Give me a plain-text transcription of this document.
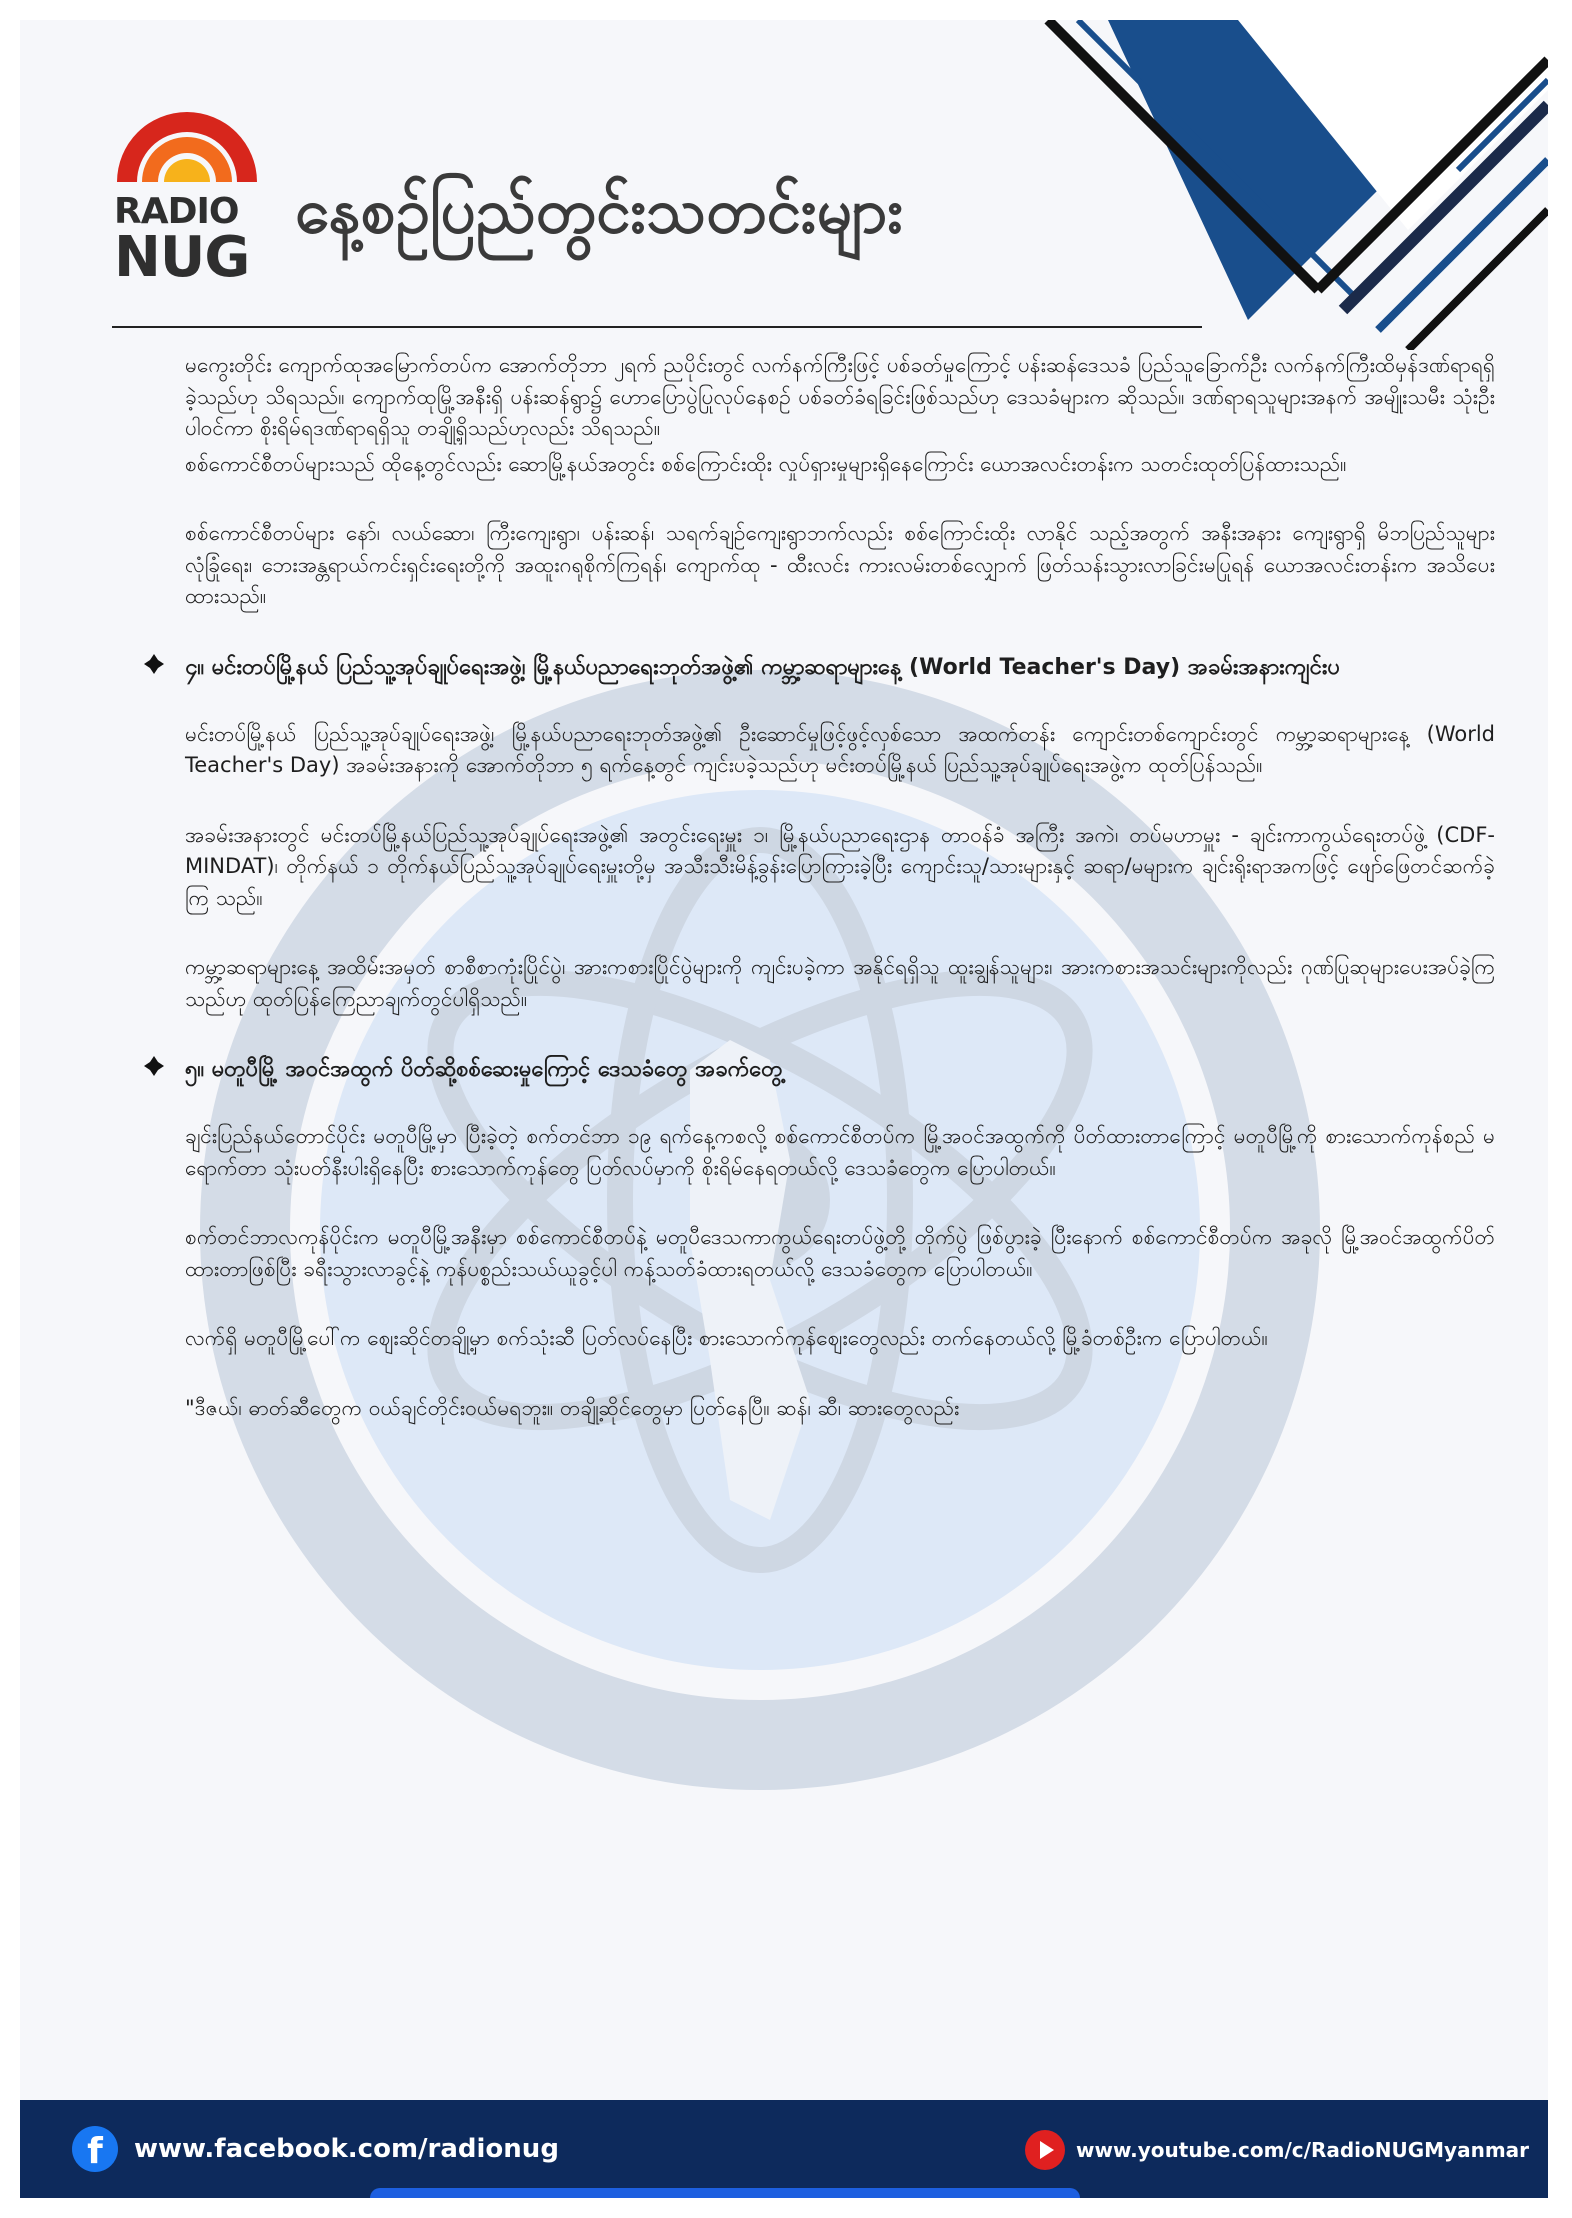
RADIO
NUG
နေ့စဉ်ပြည်တွင်းသတင်းများ

မကွေးတိုင်း ကျောက်ထုအမြောက်တပ်က အောက်တိုဘာ ၂ရက် ညပိုင်းတွင် လက်နက်ကြီးဖြင့် ပစ်ခတ်မှုကြောင့် ပန်းဆန်ဒေသခံ ပြည်သူခြောက်ဦး လက်နက်ကြီးထိမှန်ဒဏ်ရာရရှိခဲ့သည်ဟု သိရသည်။ ကျောက်ထုမြို့အနီးရှိ ပန်းဆန်ရွာ၌ ဟောပြောပွဲပြုလုပ်နေစဉ် ပစ်ခတ်ခံရခြင်းဖြစ်သည်ဟု ဒေသခံများက ဆိုသည်။ ဒဏ်ရာရသူများအနက် အမျိုးသမီး သုံးဦးပါဝင်ကာ စိုးရိမ်ရဒဏ်ရာရရှိသူ တချို့ရှိသည်ဟုလည်း သိရသည်။

စစ်ကောင်စီတပ်များသည် ထိုနေ့တွင်လည်း ဆောမြို့နယ်အတွင်း စစ်ကြောင်းထိုး လှုပ်ရှားမှုများရှိနေကြောင်း ယောအလင်းတန်းက သတင်းထုတ်ပြန်ထားသည်။

စစ်ကောင်စီတပ်များ နော်၊ လယ်ဆော၊ ကြီးကျေးရွာ၊ ပန်းဆန်၊ သရက်ချဉ်ကျေးရွာဘက်လည်း စစ်ကြောင်းထိုး လာနိုင် သည့်အတွက် အနီးအနား ကျေးရွာရှိ မိဘပြည်သူများ လုံခြုံရေး၊ ဘေးအန္တရာယ်ကင်းရှင်းရေးတို့ကို အထူးဂရုစိုက်ကြရန်၊ ကျောက်ထု - ထီးလင်း ကားလမ်းတစ်လျှောက် ဖြတ်သန်းသွားလာခြင်းမပြုရန် ယောအလင်းတန်းက အသိပေး ထားသည်။

၄။ မင်းတပ်မြို့နယ် ပြည်သူ့အုပ်ချုပ်ရေးအဖွဲ့၊ မြို့နယ်ပညာရေးဘုတ်အဖွဲ့၏ ကမ္ဘာ့ဆရာများနေ့ (World Teacher's Day) အခမ်းအနားကျင်းပ

မင်းတပ်မြို့နယ် ပြည်သူ့အုပ်ချုပ်ရေးအဖွဲ့၊ မြို့နယ်ပညာရေးဘုတ်အဖွဲ့၏ ဦးဆောင်မှုဖြင့်ဖွင့်လှစ်သော အထက်တန်း ကျောင်းတစ်ကျောင်းတွင် ကမ္ဘာ့ဆရာများနေ့ (World Teacher's Day) အခမ်းအနားကို အောက်တိုဘာ ၅ ရက်နေ့တွင် ကျင်းပခဲ့သည်ဟု မင်းတပ်မြို့နယ် ပြည်သူ့အုပ်ချုပ်ရေးအဖွဲ့က ထုတ်ပြန်သည်။

အခမ်းအနားတွင် မင်းတပ်မြို့နယ်ပြည်သူ့အုပ်ချုပ်ရေးအဖွဲ့၏ အတွင်းရေးမှူး ၁၊ မြို့နယ်ပညာရေးဌာန တာဝန်ခံ အကြီး အကဲ၊ တပ်မဟာမှူး - ချင်းကာကွယ်ရေးတပ်ဖွဲ့ (CDF-MINDAT)၊ တိုက်နယ် ၁ တိုက်နယ်ပြည်သူ့အုပ်ချုပ်ရေးမှူးတို့မှ အသီးသီးမိန့်ခွန်းပြောကြားခဲ့ပြီး ကျောင်းသူ/သားများနှင့် ဆရာ/မများက ချင်းရိုးရာအကဖြင့် ဖျော်ဖြေတင်ဆက်ခဲ့ကြ သည်။

ကမ္ဘာ့ဆရာများနေ့ အထိမ်းအမှတ် စာစီစာကုံးပြိုင်ပွဲ၊ အားကစားပြိုင်ပွဲများကို ကျင်းပခဲ့ကာ အနိုင်ရရှိသူ ထူးချွန်သူများ၊ အားကစားအသင်းများကိုလည်း ဂုဏ်ပြုဆုများပေးအပ်ခဲ့ကြသည်ဟု ထုတ်ပြန်ကြေညာချက်တွင်ပါရှိသည်။

၅။ မတူပီမြို့ အဝင်အထွက် ပိတ်ဆို့စစ်ဆေးမှုကြောင့် ဒေသခံတွေ အခက်တွေ့

ချင်းပြည်နယ်တောင်ပိုင်း မတူပီမြို့မှာ ပြီးခဲ့တဲ့ စက်တင်ဘာ ၁၉ ရက်နေ့ကစလို့ စစ်ကောင်စီတပ်က မြို့အဝင်အထွက်ကို ပိတ်ထားတာကြောင့် မတူပီမြို့ကို စားသောက်ကုန်စည် မရောက်တာ သုံးပတ်နီးပါးရှိနေပြီး စားသောက်ကုန်တွေ ပြတ်လပ်မှာကို စိုးရိမ်နေရတယ်လို့ ဒေသခံတွေက ပြောပါတယ်။

စက်တင်ဘာလကုန်ပိုင်းက မတူပီမြို့အနီးမှာ စစ်ကောင်စီတပ်နဲ့ မတူပီဒေသကာကွယ်ရေးတပ်ဖွဲ့တို့ တိုက်ပွဲ ဖြစ်ပွားခဲ့ ပြီးနောက် စစ်ကောင်စီတပ်က အခုလို မြို့အဝင်အထွက်ပိတ်ထားတာဖြစ်ပြီး ခရီးသွားလာခွင့်နဲ့ ကုန်ပစ္စည်းသယ်ယူခွင့်ပါ ကန့်သတ်ခံထားရတယ်လို့ ဒေသခံတွေက ပြောပါတယ်။

လက်ရှိ မတူပီမြို့ပေါ်က ဈေးဆိုင်တချို့မှာ စက်သုံးဆီ ပြတ်လပ်နေပြီး စားသောက်ကုန်ဈေးတွေလည်း တက်နေတယ်လို့ မြို့ခံတစ်ဦးက ပြောပါတယ်။

"ဒီဇယ်၊ ဓာတ်ဆီတွေက ဝယ်ချင်တိုင်းဝယ်မရဘူး။ တချို့ဆိုင်တွေမှာ ပြတ်နေပြီ။ ဆန်၊ ဆီ၊ ဆားတွေလည်း

f	www.facebook.com/radionug	www.youtube.com/c/RadioNUGMyanmar
